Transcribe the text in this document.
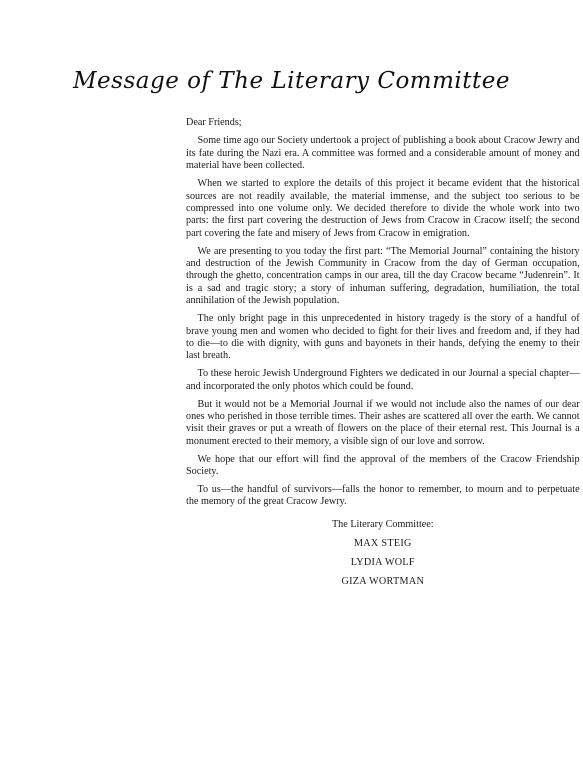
Message of The Literary Committee

Dear Friends;

Some time ago our Society undertook a project of publishing a book about Cracow Jewry and its fate during the Nazi era. A committee was formed and a considerable amount of money and material have been collected.

When we started to explore the details of this project it became evident that the historical sources are not readily available, the material immense, and the subject too serious to be compressed into one volume only. We decided therefore to divide the whole work into two parts: the first part covering the destruction of Jews from Cracow in Cracow itself; the second part covering the fate and misery of Jews from Cracow in emigration.

We are presenting to you today the first part: “The Memorial Journal” containing the history and destruction of the Jewish Community in Cracow from the day of German occupation, through the ghetto, concentration camps in our area, till the day Cracow became “Judenrein”. It is a sad and tragic story; a story of inhuman suffering, degradation, humiliation, the total annihilation of the Jewish population.

The only bright page in this unprecedented in history tragedy is the story of a handful of brave young men and women who decided to fight for their lives and freedom and, if they had to die—to die with dignity, with guns and bayonets in their hands, defying the enemy to their last breath.

To these heroic Jewish Underground Fighters we dedicated in our Journal a special chapter—and incorporated the only photos which could be found.

But it would not be a Memorial Journal if we would not include also the names of our dear ones who perished in those terrible times. Their ashes are scattered all over the earth. We cannot visit their graves or put a wreath of flowers on the place of their eternal rest. This Journal is a monument erected to their memory, a visible sign of our love and sorrow.

We hope that our effort will find the approval of the members of the Cracow Friendship Society.

To us—the handful of survivors—falls the honor to remember, to mourn and to perpetuate the memory of the great Cracow Jewry.

The Literary Committee:
MAX STEIG
LYDIA WOLF
GIZA WORTMAN
